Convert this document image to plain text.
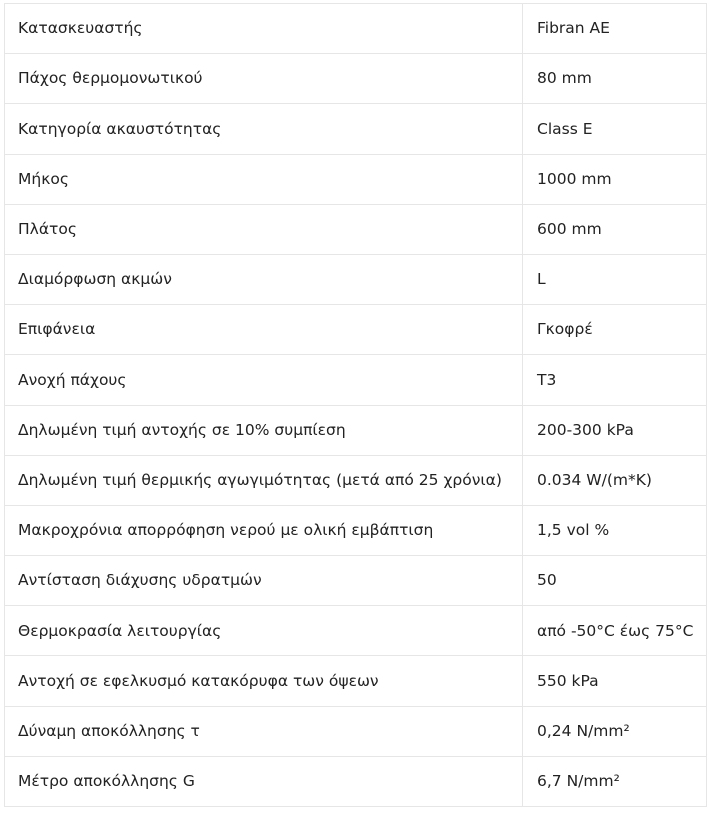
Κατασκευαστής	Fibran AE
Πάχος θερμομονωτικού	80 mm
Κατηγορία ακαυστότητας	Class E
Μήκος	1000 mm
Πλάτος	600 mm
Διαμόρφωση ακμών	L
Επιφάνεια	Γκοφρέ
Ανοχή πάχους	T3
Δηλωμένη τιμή αντοχής σε 10% συμπίεση	200-300 kPa
Δηλωμένη τιμή θερμικής αγωγιμότητας (μετά από 25 χρόνια)	0.034 W/(m*K)
Μακροχρόνια απορρόφηση νερού με ολική εμβάπτιση	1,5 vol %
Αντίσταση διάχυσης υδρατμών	50
Θερμοκρασία λειτουργίας	από -50°C έως 75°C
Αντοχή σε εφελκυσμό κατακόρυφα των όψεων	550 kPa
Δύναμη αποκόλλησης τ	0,24 N/mm²
Μέτρο αποκόλλησης G	6,7 N/mm²
